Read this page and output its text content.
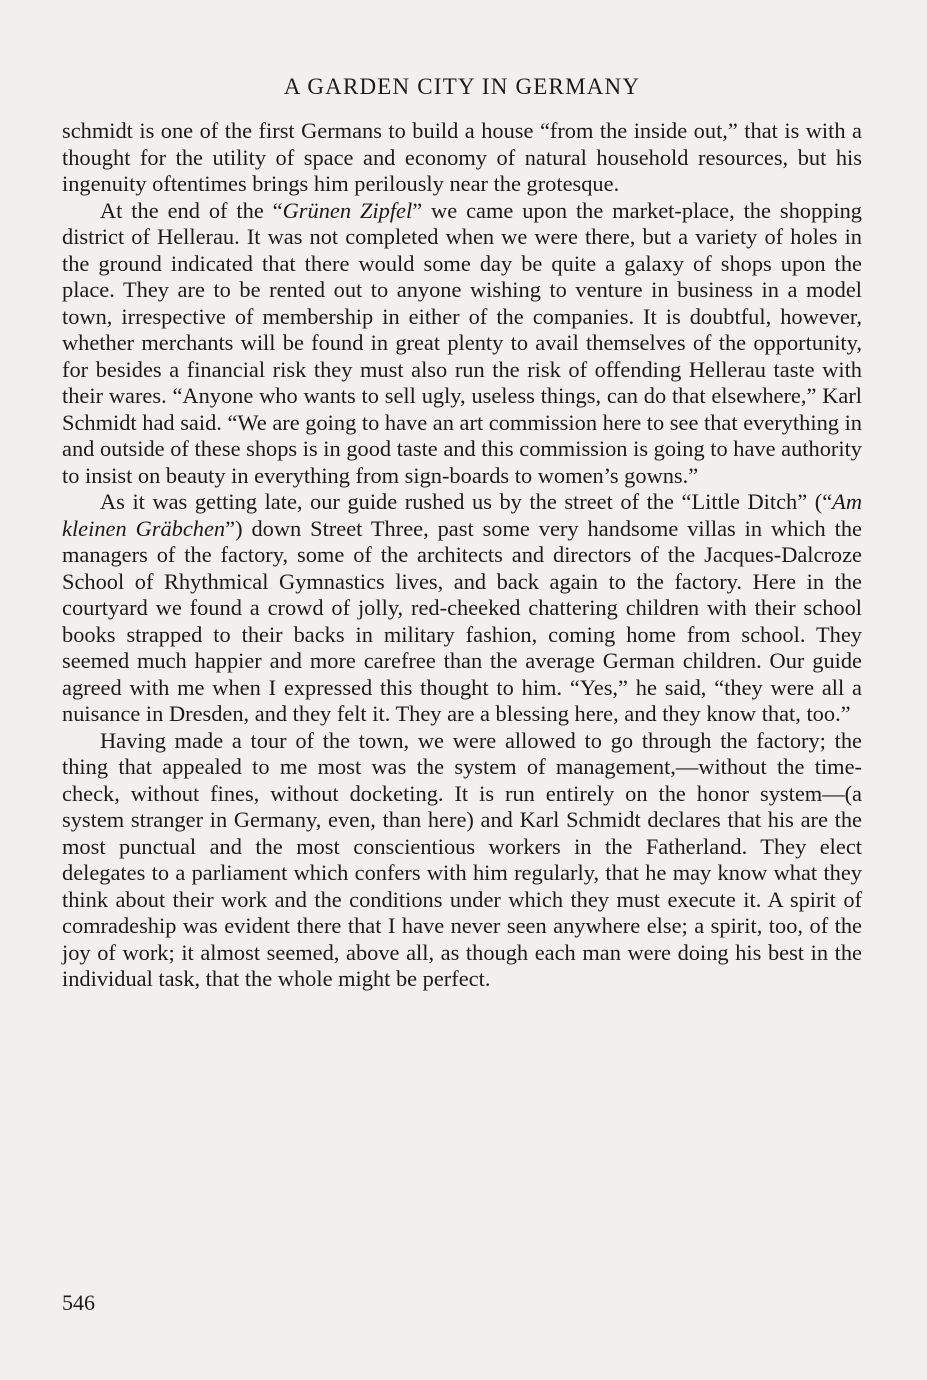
A GARDEN CITY IN GERMANY

schmidt is one of the first Germans to build a house “from the inside out,” that is with a thought for the utility of space and economy of natural household resources, but his ingenuity oftentimes brings him perilously near the grotesque.

At the end of the “Grünen Zipfel” we came upon the market-place, the shopping district of Hellerau. It was not completed when we were there, but a variety of holes in the ground indicated that there would some day be quite a galaxy of shops upon the place. They are to be rented out to anyone wishing to venture in business in a model town, irrespective of membership in either of the companies. It is doubtful, however, whether merchants will be found in great plenty to avail themselves of the opportunity, for besides a financial risk they must also run the risk of offending Hellerau taste with their wares. “Anyone who wants to sell ugly, useless things, can do that elsewhere,” Karl Schmidt had said. “We are going to have an art commission here to see that everything in and outside of these shops is in good taste and this commission is going to have authority to insist on beauty in everything from sign-boards to women’s gowns.”

As it was getting late, our guide rushed us by the street of the “Little Ditch” (“Am kleinen Gräbchen”) down Street Three, past some very handsome villas in which the managers of the factory, some of the architects and directors of the Jacques-Dalcroze School of Rhythmical Gymnastics lives, and back again to the factory. Here in the courtyard we found a crowd of jolly, red-cheeked chattering children with their school books strapped to their backs in military fashion, coming home from school. They seemed much happier and more carefree than the average German children. Our guide agreed with me when I expressed this thought to him. “Yes,” he said, “they were all a nuisance in Dresden, and they felt it. They are a blessing here, and they know that, too.”

Having made a tour of the town, we were allowed to go through the factory; the thing that appealed to me most was the system of management,—without the time-check, without fines, without docketing. It is run entirely on the honor system—(a system stranger in Germany, even, than here) and Karl Schmidt declares that his are the most punctual and the most conscientious workers in the Fatherland. They elect delegates to a parliament which confers with him regularly, that he may know what they think about their work and the conditions under which they must execute it. A spirit of comradeship was evident there that I have never seen anywhere else; a spirit, too, of the joy of work; it almost seemed, above all, as though each man were doing his best in the individual task, that the whole might be perfect.

546
